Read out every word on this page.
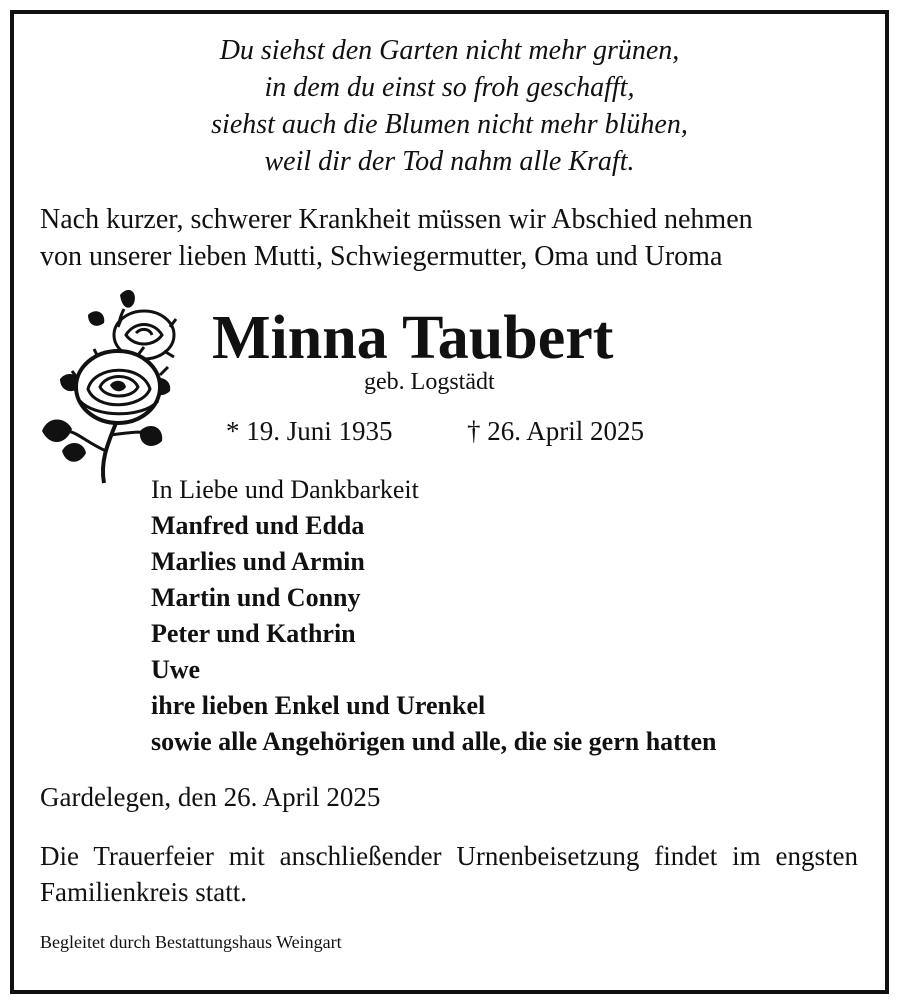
Du siehst den Garten nicht mehr grünen,
in dem du einst so froh geschafft,
siehst auch die Blumen nicht mehr blühen,
weil dir der Tod nahm alle Kraft.
Nach kurzer, schwerer Krankheit müssen wir Abschied nehmen
von unserer lieben Mutti, Schwiegermutter, Oma und Uroma
Minna Taubert
geb. Logstädt
* 19. Juni 1935	† 26. April 2025
In Liebe und Dankbarkeit
Manfred und Edda
Marlies und Armin
Martin und Conny
Peter und Kathrin
Uwe
ihre lieben Enkel und Urenkel
sowie alle Angehörigen und alle, die sie gern hatten
Gardelegen, den 26. April 2025
Die Trauerfeier mit anschließender Urnenbeisetzung findet im engsten Familienkreis statt.
Begleitet durch Bestattungshaus Weingart
